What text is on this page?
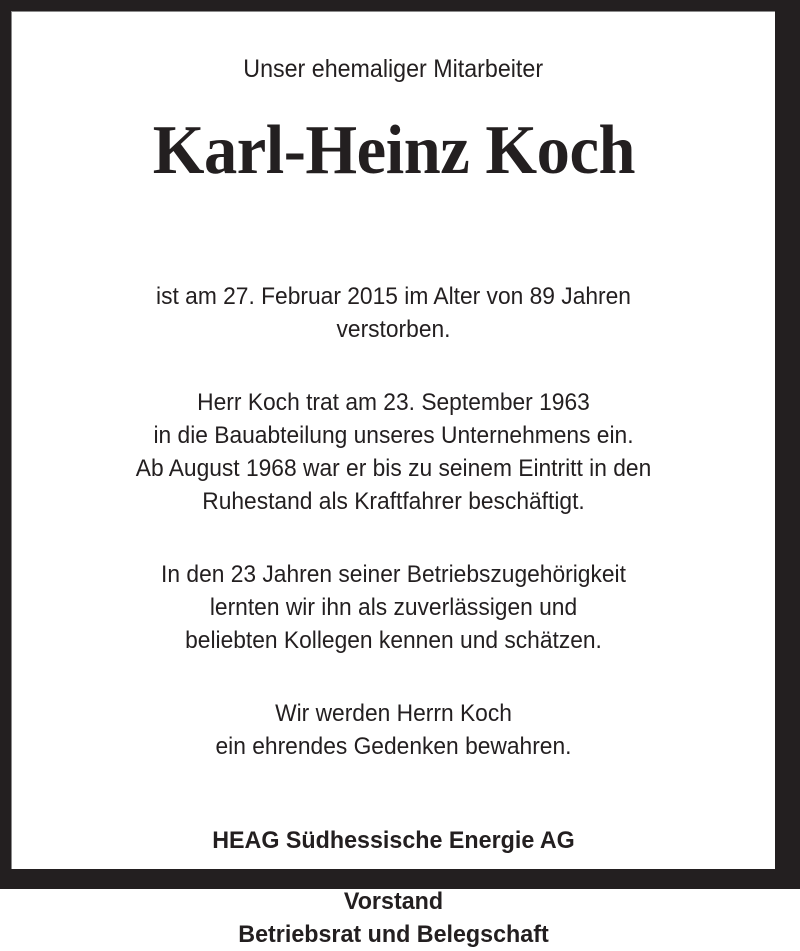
Unser ehemaliger Mitarbeiter
Karl-Heinz Koch

ist am 27. Februar 2015 im Alter von 89 Jahren
verstorben.

Herr Koch trat am 23. September 1963
in die Bauabteilung unseres Unternehmens ein.
Ab August 1968 war er bis zu seinem Eintritt in den
Ruhestand als Kraftfahrer beschäftigt.

In den 23 Jahren seiner Betriebszugehörigkeit
lernten wir ihn als zuverlässigen und
beliebten Kollegen kennen und schätzen.

Wir werden Herrn Koch
ein ehrendes Gedenken bewahren.

HEAG Südhessische Energie AG
Vorstand
Betriebsrat und Belegschaft
